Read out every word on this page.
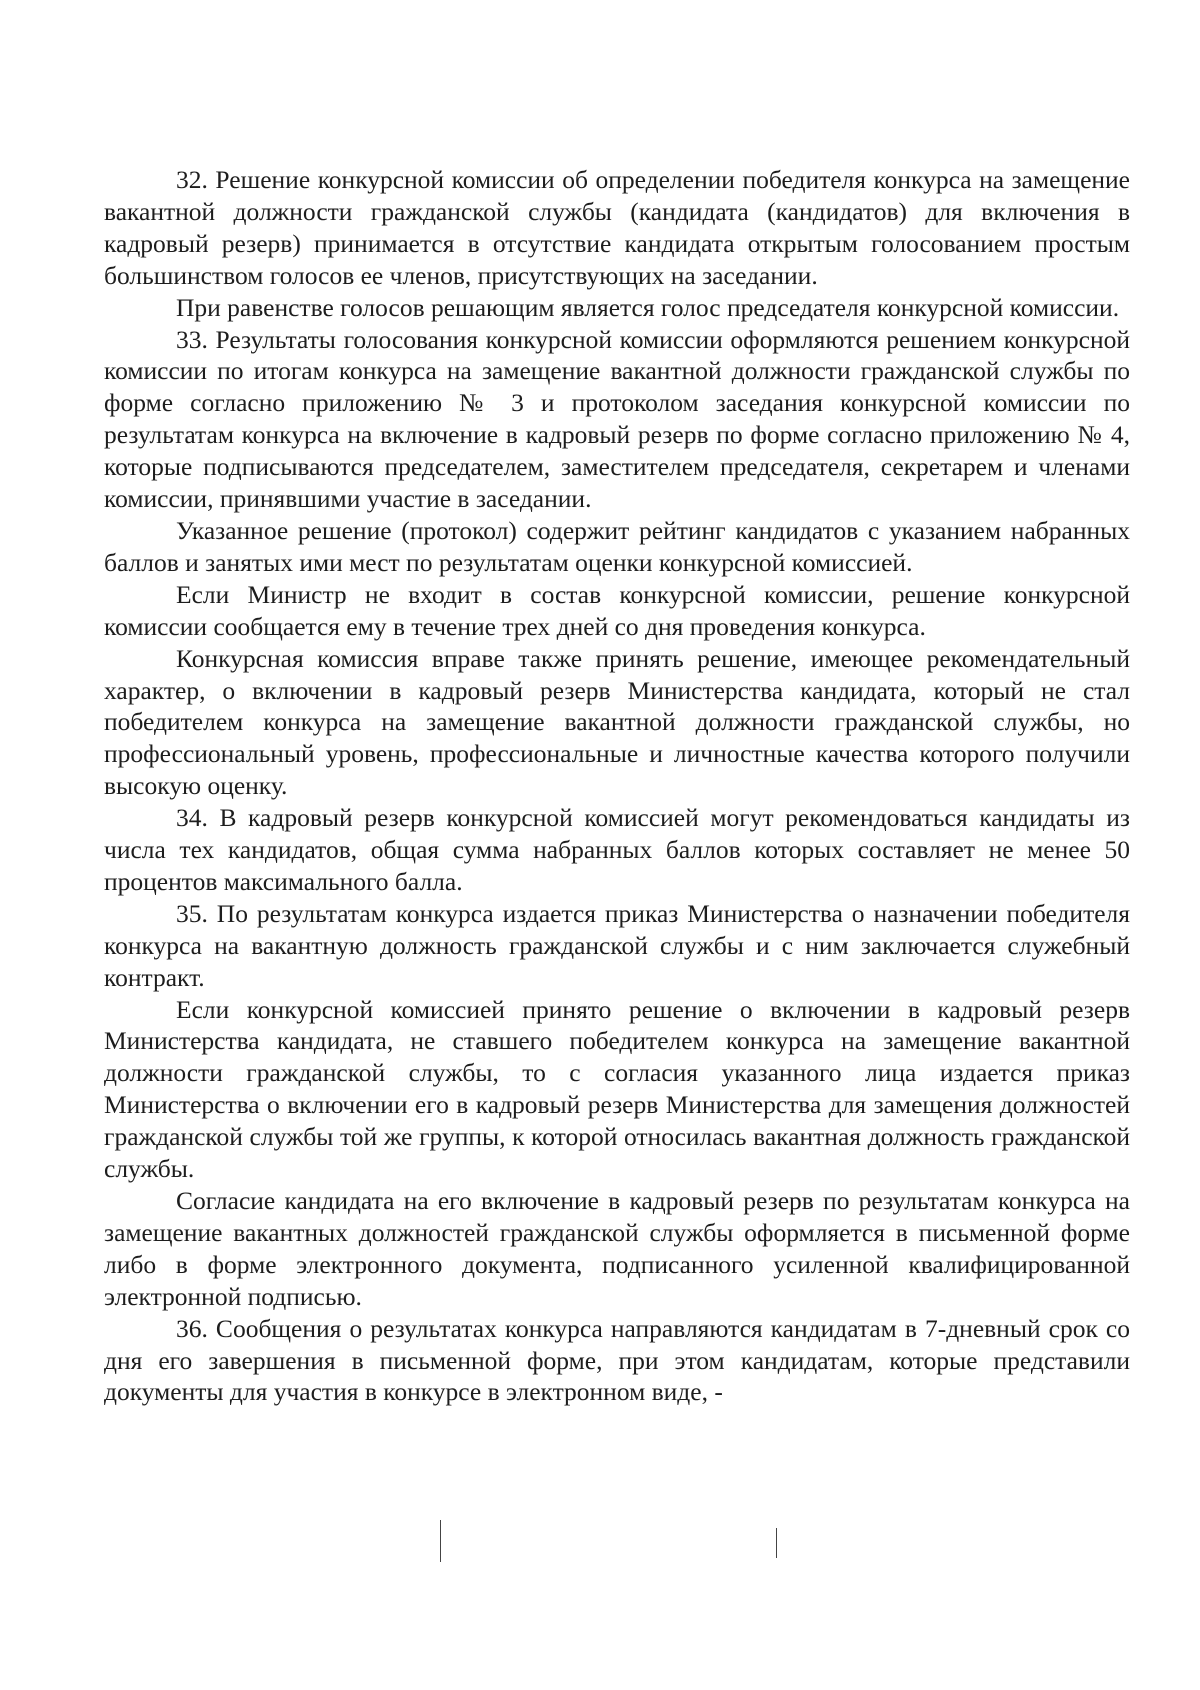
32. Решение конкурсной комиссии об определении победителя конкурса на замещение вакантной должности гражданской службы (кандидата (кандидатов) для включения в кадровый резерв) принимается в отсутствие кандидата открытым голосованием простым большинством голосов ее членов, присутствующих на заседании.

При равенстве голосов решающим является голос председателя конкурсной комиссии.

33. Результаты голосования конкурсной комиссии оформляются решением конкурсной комиссии по итогам конкурса на замещение вакантной должности гражданской службы по форме согласно приложению № 3 и протоколом заседания конкурсной комиссии по результатам конкурса на включение в кадровый резерв по форме согласно приложению № 4, которые подписываются председателем, заместителем председателя, секретарем и членами комиссии, принявшими участие в заседании.

Указанное решение (протокол) содержит рейтинг кандидатов с указанием набранных баллов и занятых ими мест по результатам оценки конкурсной комиссией.

Если Министр не входит в состав конкурсной комиссии, решение конкурсной комиссии сообщается ему в течение трех дней со дня проведения конкурса.

Конкурсная комиссия вправе также принять решение, имеющее рекомендательный характер, о включении в кадровый резерв Министерства кандидата, который не стал победителем конкурса на замещение вакантной должности гражданской службы, но профессиональный уровень, профессиональные и личностные качества которого получили высокую оценку.

34. В кадровый резерв конкурсной комиссией могут рекомендоваться кандидаты из числа тех кандидатов, общая сумма набранных баллов которых составляет не менее 50 процентов максимального балла.

35. По результатам конкурса издается приказ Министерства о назначении победителя конкурса на вакантную должность гражданской службы и с ним заключается служебный контракт.

Если конкурсной комиссией принято решение о включении в кадровый резерв Министерства кандидата, не ставшего победителем конкурса на замещение вакантной должности гражданской службы, то с согласия указанного лица издается приказ Министерства о включении его в кадровый резерв Министерства для замещения должностей гражданской службы той же группы, к которой относилась вакантная должность гражданской службы.

Согласие кандидата на его включение в кадровый резерв по результатам конкурса на замещение вакантных должностей гражданской службы оформляется в письменной форме либо в форме электронного документа, подписанного усиленной квалифицированной электронной подписью.

36. Сообщения о результатах конкурса направляются кандидатам в 7-дневный срок со дня его завершения в письменной форме, при этом кандидатам, которые представили документы для участия в конкурсе в электронном виде, -
